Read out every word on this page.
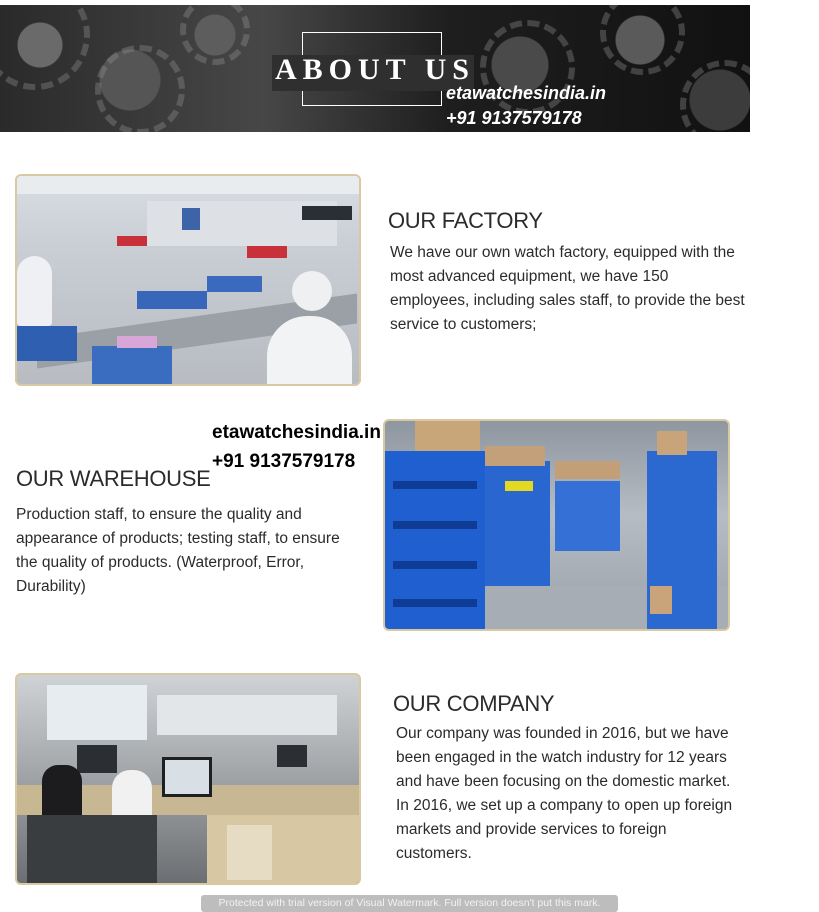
ABOUT US
etawatchesindia.in
+91 9137579178
OUR FACTORY
We have our own watch factory, equipped with the most advanced equipment, we have 150 employees, including sales staff, to provide the best service to customers;
etawatchesindia.in
+91 9137579178
OUR WAREHOUSE
Production staff, to ensure the quality and appearance of products; testing staff, to ensure the quality of products. (Waterproof, Error, Durability)
OUR COMPANY
Our company was founded in 2016, but we have been engaged in the watch industry for 12 years and have been focusing on the domestic market. In 2016, we set up a company to open up foreign markets and provide services to foreign customers.
Protected with trial version of Visual Watermark. Full version doesn't put this mark.
